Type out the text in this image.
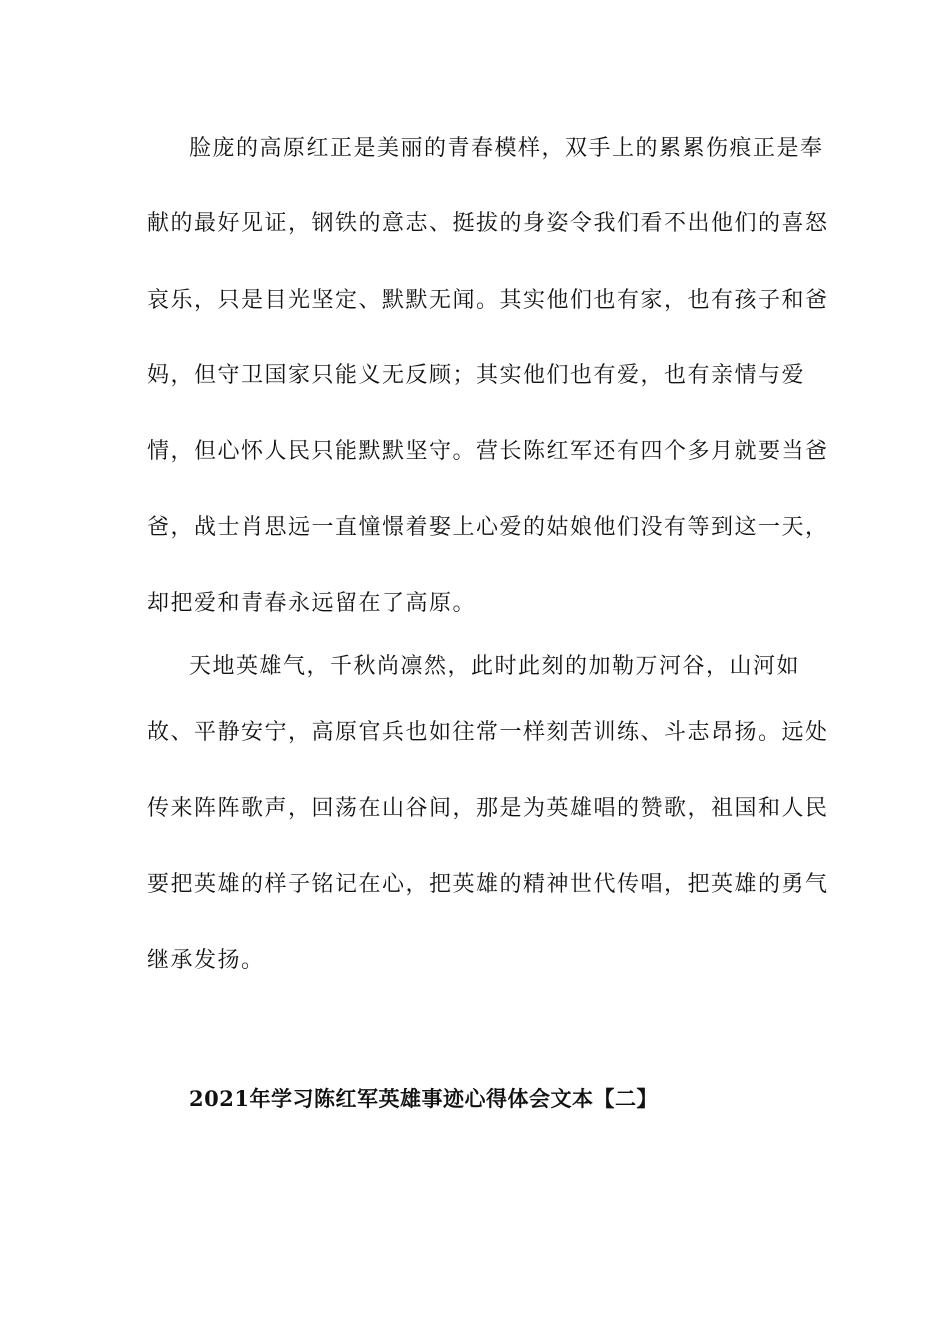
脸庞的高原红正是美丽的青春模样，双手上的累累伤痕正是奉
献的最好见证，钢铁的意志、挺拔的身姿令我们看不出他们的喜怒
哀乐，只是目光坚定、默默无闻。其实他们也有家，也有孩子和爸
妈，但守卫国家只能义无反顾；其实他们也有爱，也有亲情与爱
情，但心怀人民只能默默坚守。营长陈红军还有四个多月就要当爸
爸，战士肖思远一直憧憬着娶上心爱的姑娘他们没有等到这一天，
却把爱和青春永远留在了高原。
天地英雄气，千秋尚凛然，此时此刻的加勒万河谷，山河如
故、平静安宁，高原官兵也如往常一样刻苦训练、斗志昂扬。远处
传来阵阵歌声，回荡在山谷间，那是为英雄唱的赞歌，祖国和人民
要把英雄的样子铭记在心，把英雄的精神世代传唱，把英雄的勇气
继承发扬。
2021年学习陈红军英雄事迹心得体会文本【二】
